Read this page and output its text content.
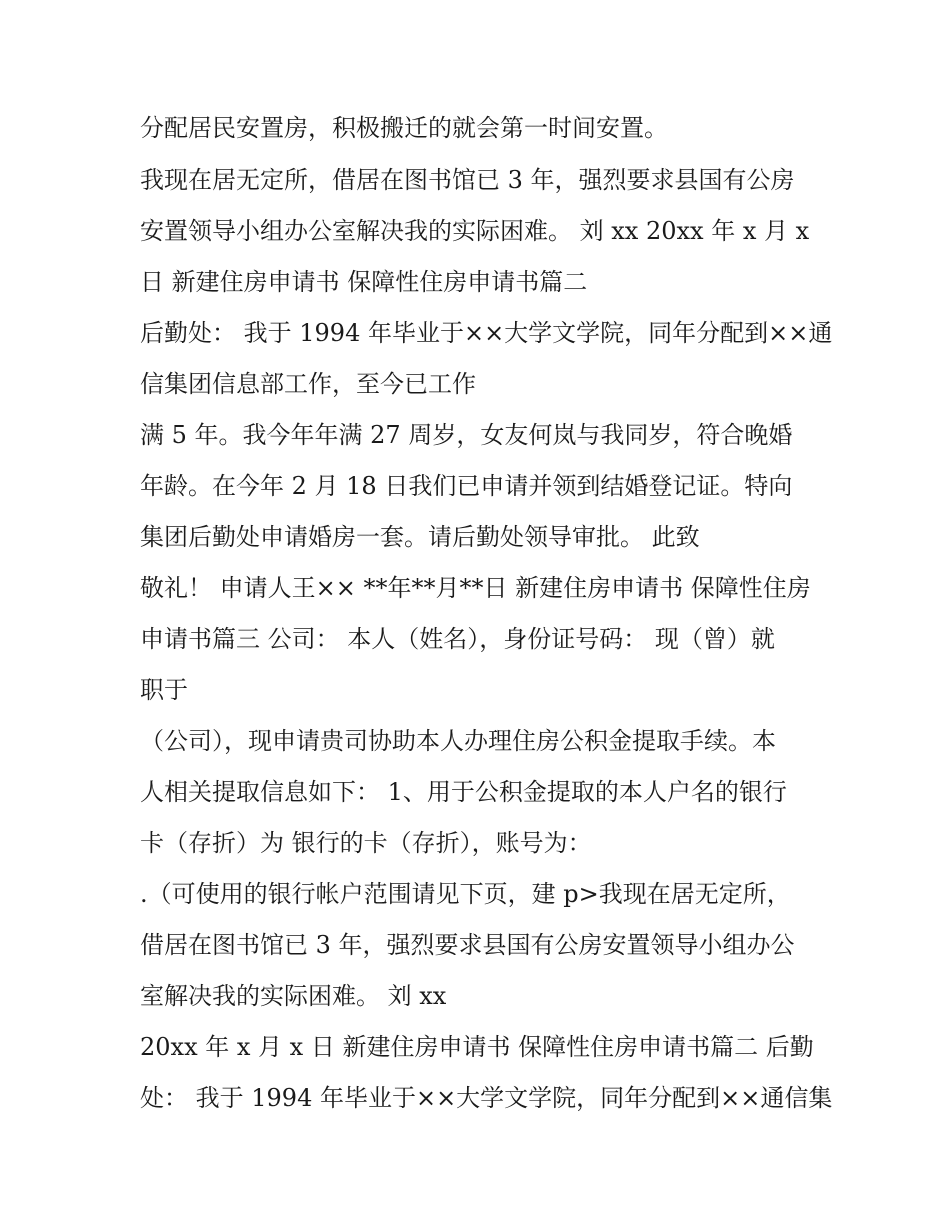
分配居民安置房，积极搬迁的就会第一时间安置。

我现在居无定所，借居在图书馆已 3 年，强烈要求县国有公房

安置领导小组办公室解决我的实际困难。 刘 xx 20xx 年 x 月 x

日 新建住房申请书 保障性住房申请书篇二

后勤处： 我于 1994 年毕业于××大学文学院，同年分配到××通

信集团信息部工作，至今已工作

满 5 年。我今年年满 27 周岁，女友何岚与我同岁，符合晚婚

年龄。在今年 2 月 18 日我们已申请并领到结婚登记证。特向

集团后勤处申请婚房一套。请后勤处领导审批。 此致

敬礼！ 申请人王×× **年**月**日 新建住房申请书 保障性住房

申请书篇三 公司： 本人（姓名），身份证号码： 现（曾）就

职于

（公司），现申请贵司协助本人办理住房公积金提取手续。本

人相关提取信息如下： 1、用于公积金提取的本人户名的银行

卡（存折）为 银行的卡（存折），账号为：

.（可使用的银行帐户范围请见下页，建 p>我现在居无定所，

借居在图书馆已 3 年，强烈要求县国有公房安置领导小组办公

室解决我的实际困难。 刘 xx

20xx 年 x 月 x 日 新建住房申请书 保障性住房申请书篇二 后勤

处： 我于 1994 年毕业于××大学文学院，同年分配到××通信集
